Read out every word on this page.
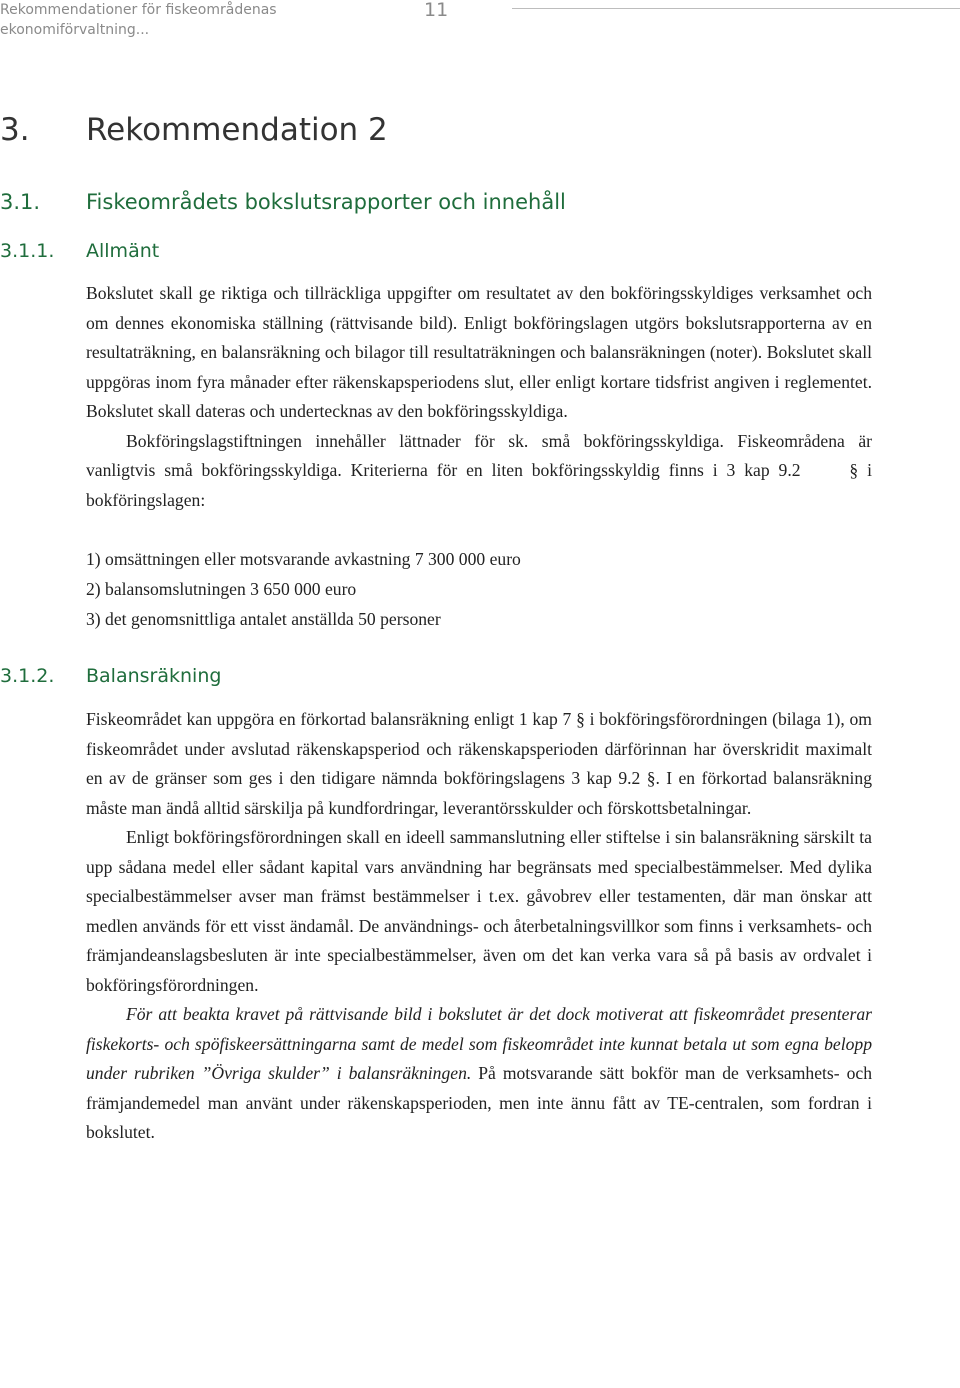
Rekommendationer för fiskeområdenas ekonomiförvaltning...
11
3. Rekommendation 2
3.1. Fiskeområdets bokslutsrapporter och innehåll
3.1.1. Allmänt

Bokslutet skall ge riktiga och tillräckliga uppgifter om resultatet av den bokföringsskyldiges verksamhet och om dennes ekonomiska ställning (rättvisande bild). Enligt bokföringslagen utgörs bokslutsrapporterna av en resultaträkning, en balansräkning och bilagor till resultaträkningen och balansräkningen (noter). Bokslutet skall uppgöras inom fyra månader efter räkenskapsperiodens slut, eller enligt kortare tidsfrist angiven i reglementet. Bokslutet skall dateras och undertecknas av den bokföringsskyldiga.

Bokföringslagstiftningen innehåller lättnader för sk. små bokföringsskyldiga. Fiskeområdena är vanligtvis små bokföringsskyldiga. Kriterierna för en liten bokföringsskyldig finns i 3 kap 9.2	§ i bokföringslagen:

1) omsättningen eller motsvarande avkastning 7 300 000 euro
2) balansomslutningen 3 650 000 euro
3) det genomsnittliga antalet anställda 50 personer
3.1.2. Balansräkning

Fiskeområdet kan uppgöra en förkortad balansräkning enligt 1 kap 7 § i bokföringsförordningen (bilaga 1), om fiskeområdet under avslutad räkenskapsperiod och räkenskapsperioden därförinnan har överskridit maximalt en av de gränser som ges i den tidigare nämnda bokföringslagens 3 kap 9.2 §. I en förkortad balansräkning måste man ändå alltid särskilja på kundfordringar, leverantörsskulder och förskottsbetalningar.

Enligt bokföringsförordningen skall en ideell sammanslutning eller stiftelse i sin balansräkning särskilt ta upp sådana medel eller sådant kapital vars användning har begränsats med specialbestämmelser. Med dylika specialbestämmelser avser man främst bestämmelser i t.ex. gåvobrev eller testamenten, där man önskar att medlen används för ett visst ändamål. De användnings- och återbetalningsvillkor som finns i verksamhets- och främjandeanslagsbesluten är inte specialbestämmelser, även om det kan verka vara så på basis av ordvalet i bokföringsförordningen.

För att beakta kravet på rättvisande bild i bokslutet är det dock motiverat att fiskeområdet presenterar fiskekorts- och spöfiskeersättningarna samt de medel som fiskeområdet inte kunnat betala ut som egna belopp under rubriken ”Övriga skulder” i balansräkningen. På motsvarande sätt bokför man de verksamhets- och främjandemedel man använt under räkenskapsperioden, men inte ännu fått av TE-centralen, som fordran i bokslutet.
